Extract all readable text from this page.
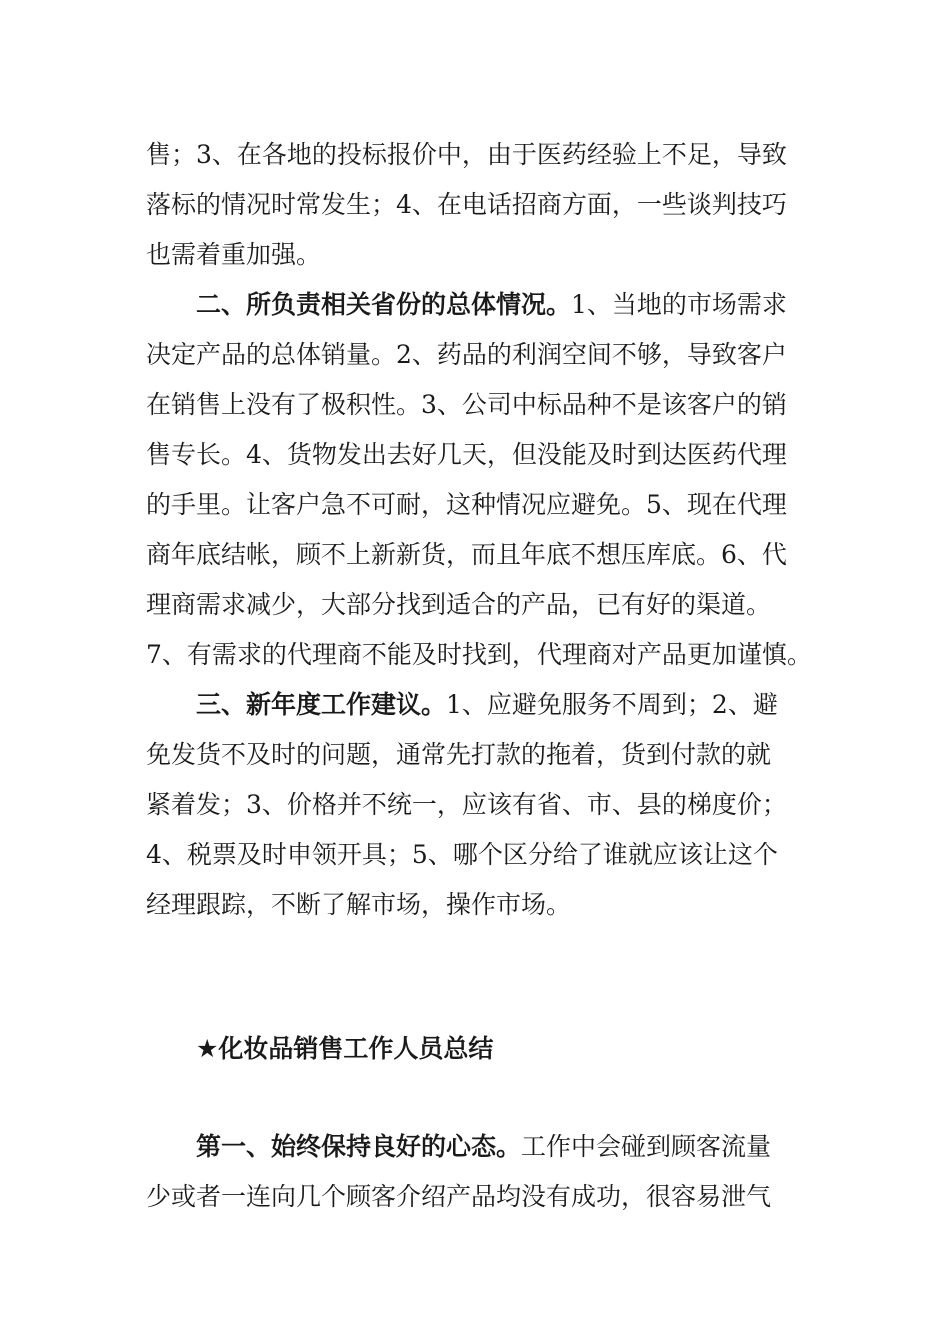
售；3、在各地的投标报价中，由于医药经验上不足，导致
落标的情况时常发生；4、在电话招商方面，一些谈判技巧
也需着重加强。
二、所负责相关省份的总体情况。1、当地的市场需求
决定产品的总体销量。2、药品的利润空间不够，导致客户
在销售上没有了极积性。3、公司中标品种不是该客户的销
售专长。4、货物发出去好几天，但没能及时到达医药代理
的手里。让客户急不可耐，这种情况应避免。5、现在代理
商年底结帐，顾不上新新货，而且年底不想压库底。6、代
理商需求减少，大部分找到适合的产品，已有好的渠道。
7、有需求的代理商不能及时找到，代理商对产品更加谨慎。
三、新年度工作建议。1、应避免服务不周到；2、避
免发货不及时的问题，通常先打款的拖着，货到付款的就
紧着发；3、价格并不统一，应该有省、市、县的梯度价；
4、税票及时申领开具；5、哪个区分给了谁就应该让这个
经理跟踪，不断了解市场，操作市场。
★化妆品销售工作人员总结
第一、始终保持良好的心态。工作中会碰到顾客流量
少或者一连向几个顾客介绍产品均没有成功，很容易泄气
